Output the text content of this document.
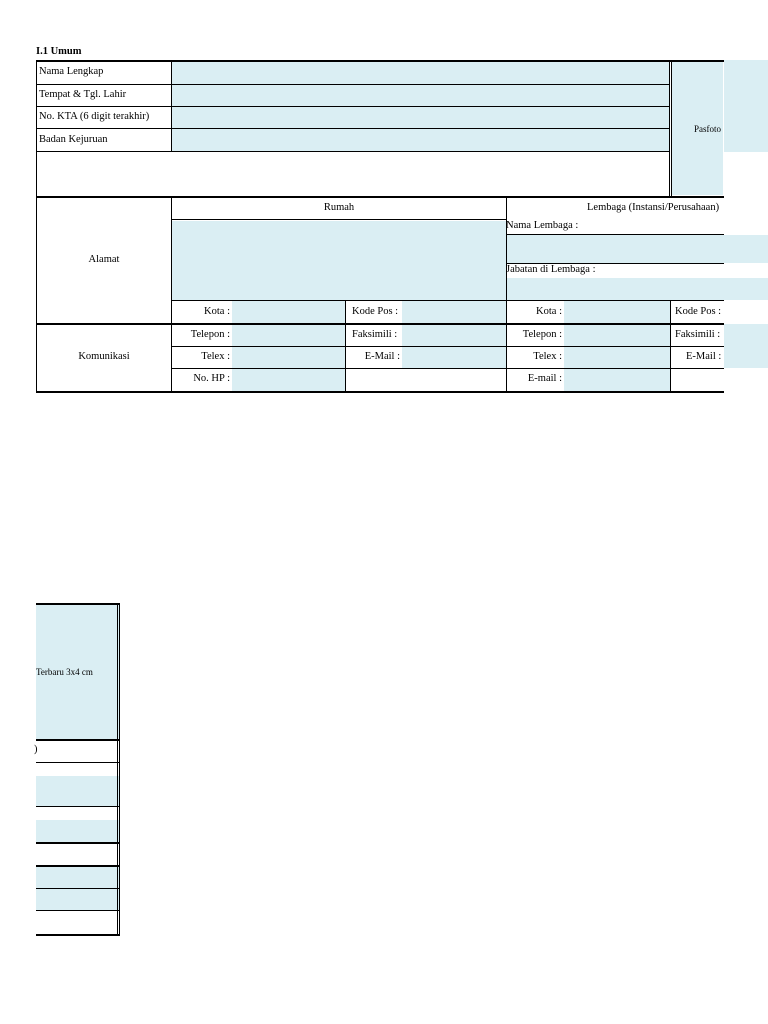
I.1 Umum
Nama Lengkap
Tempat & Tgl. Lahir
No. KTA (6 digit terakhir)
Badan Kejuruan
Pasfoto
Alamat
Rumah	Lembaga (Instansi/Perusahaan)
Nama Lembaga :
Jabatan di Lembaga :
Kota :	Kode Pos :	Kota :	Kode Pos :
Komunikasi
Telepon :	Faksimili :	Telepon :	Faksimili :
Telex :	E-Mail :	Telex :	E-Mail :
No. HP :	E-mail :
Terbaru 3x4 cm
)
